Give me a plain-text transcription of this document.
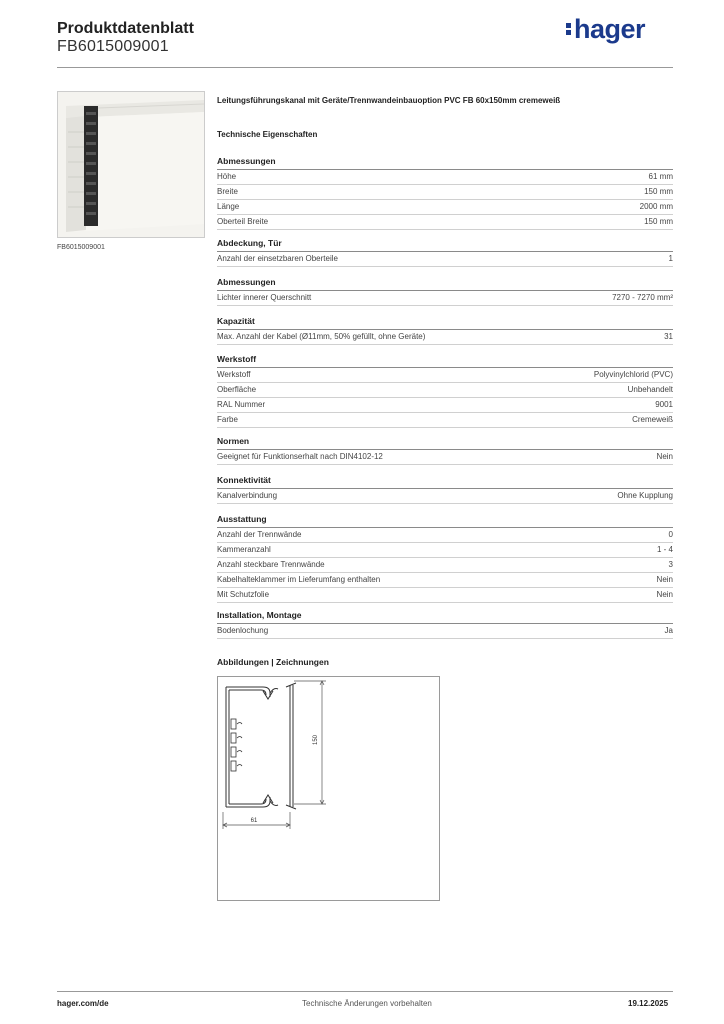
Produktdatenblatt
FB6015009001
hager
FB6015009001
Leitungsführungskanal mit Geräte/Trennwandeinbauoption PVC FB 60x150mm cremeweiß
Technische Eigenschaften
Abmessungen
Höhe	61 mm
Breite	150 mm
Länge	2000 mm
Oberteil Breite	150 mm
Abdeckung, Tür
Anzahl der einsetzbaren Oberteile	1
Abmessungen
Lichter innerer Querschnitt	7270 - 7270 mm²
Kapazität
Max. Anzahl der Kabel (Ø11mm, 50% gefüllt, ohne Geräte)	31
Werkstoff
Werkstoff	Polyvinylchlorid (PVC)
Oberfläche	Unbehandelt
RAL Nummer	9001
Farbe	Cremeweiß
Normen
Geeignet für Funktionserhalt nach DIN4102-12	Nein
Konnektivität
Kanalverbindung	Ohne Kupplung
Ausstattung
Anzahl der Trennwände	0
Kammeranzahl	1 - 4
Anzahl steckbare Trennwände	3
Kabelhalteklammer im Lieferumfang enthalten	Nein
Mit Schutzfolie	Nein
Installation, Montage
Bodenlochung	Ja
Abbildungen | Zeichnungen
150
61
hager.com/de	Technische Änderungen vorbehalten	19.12.2025
